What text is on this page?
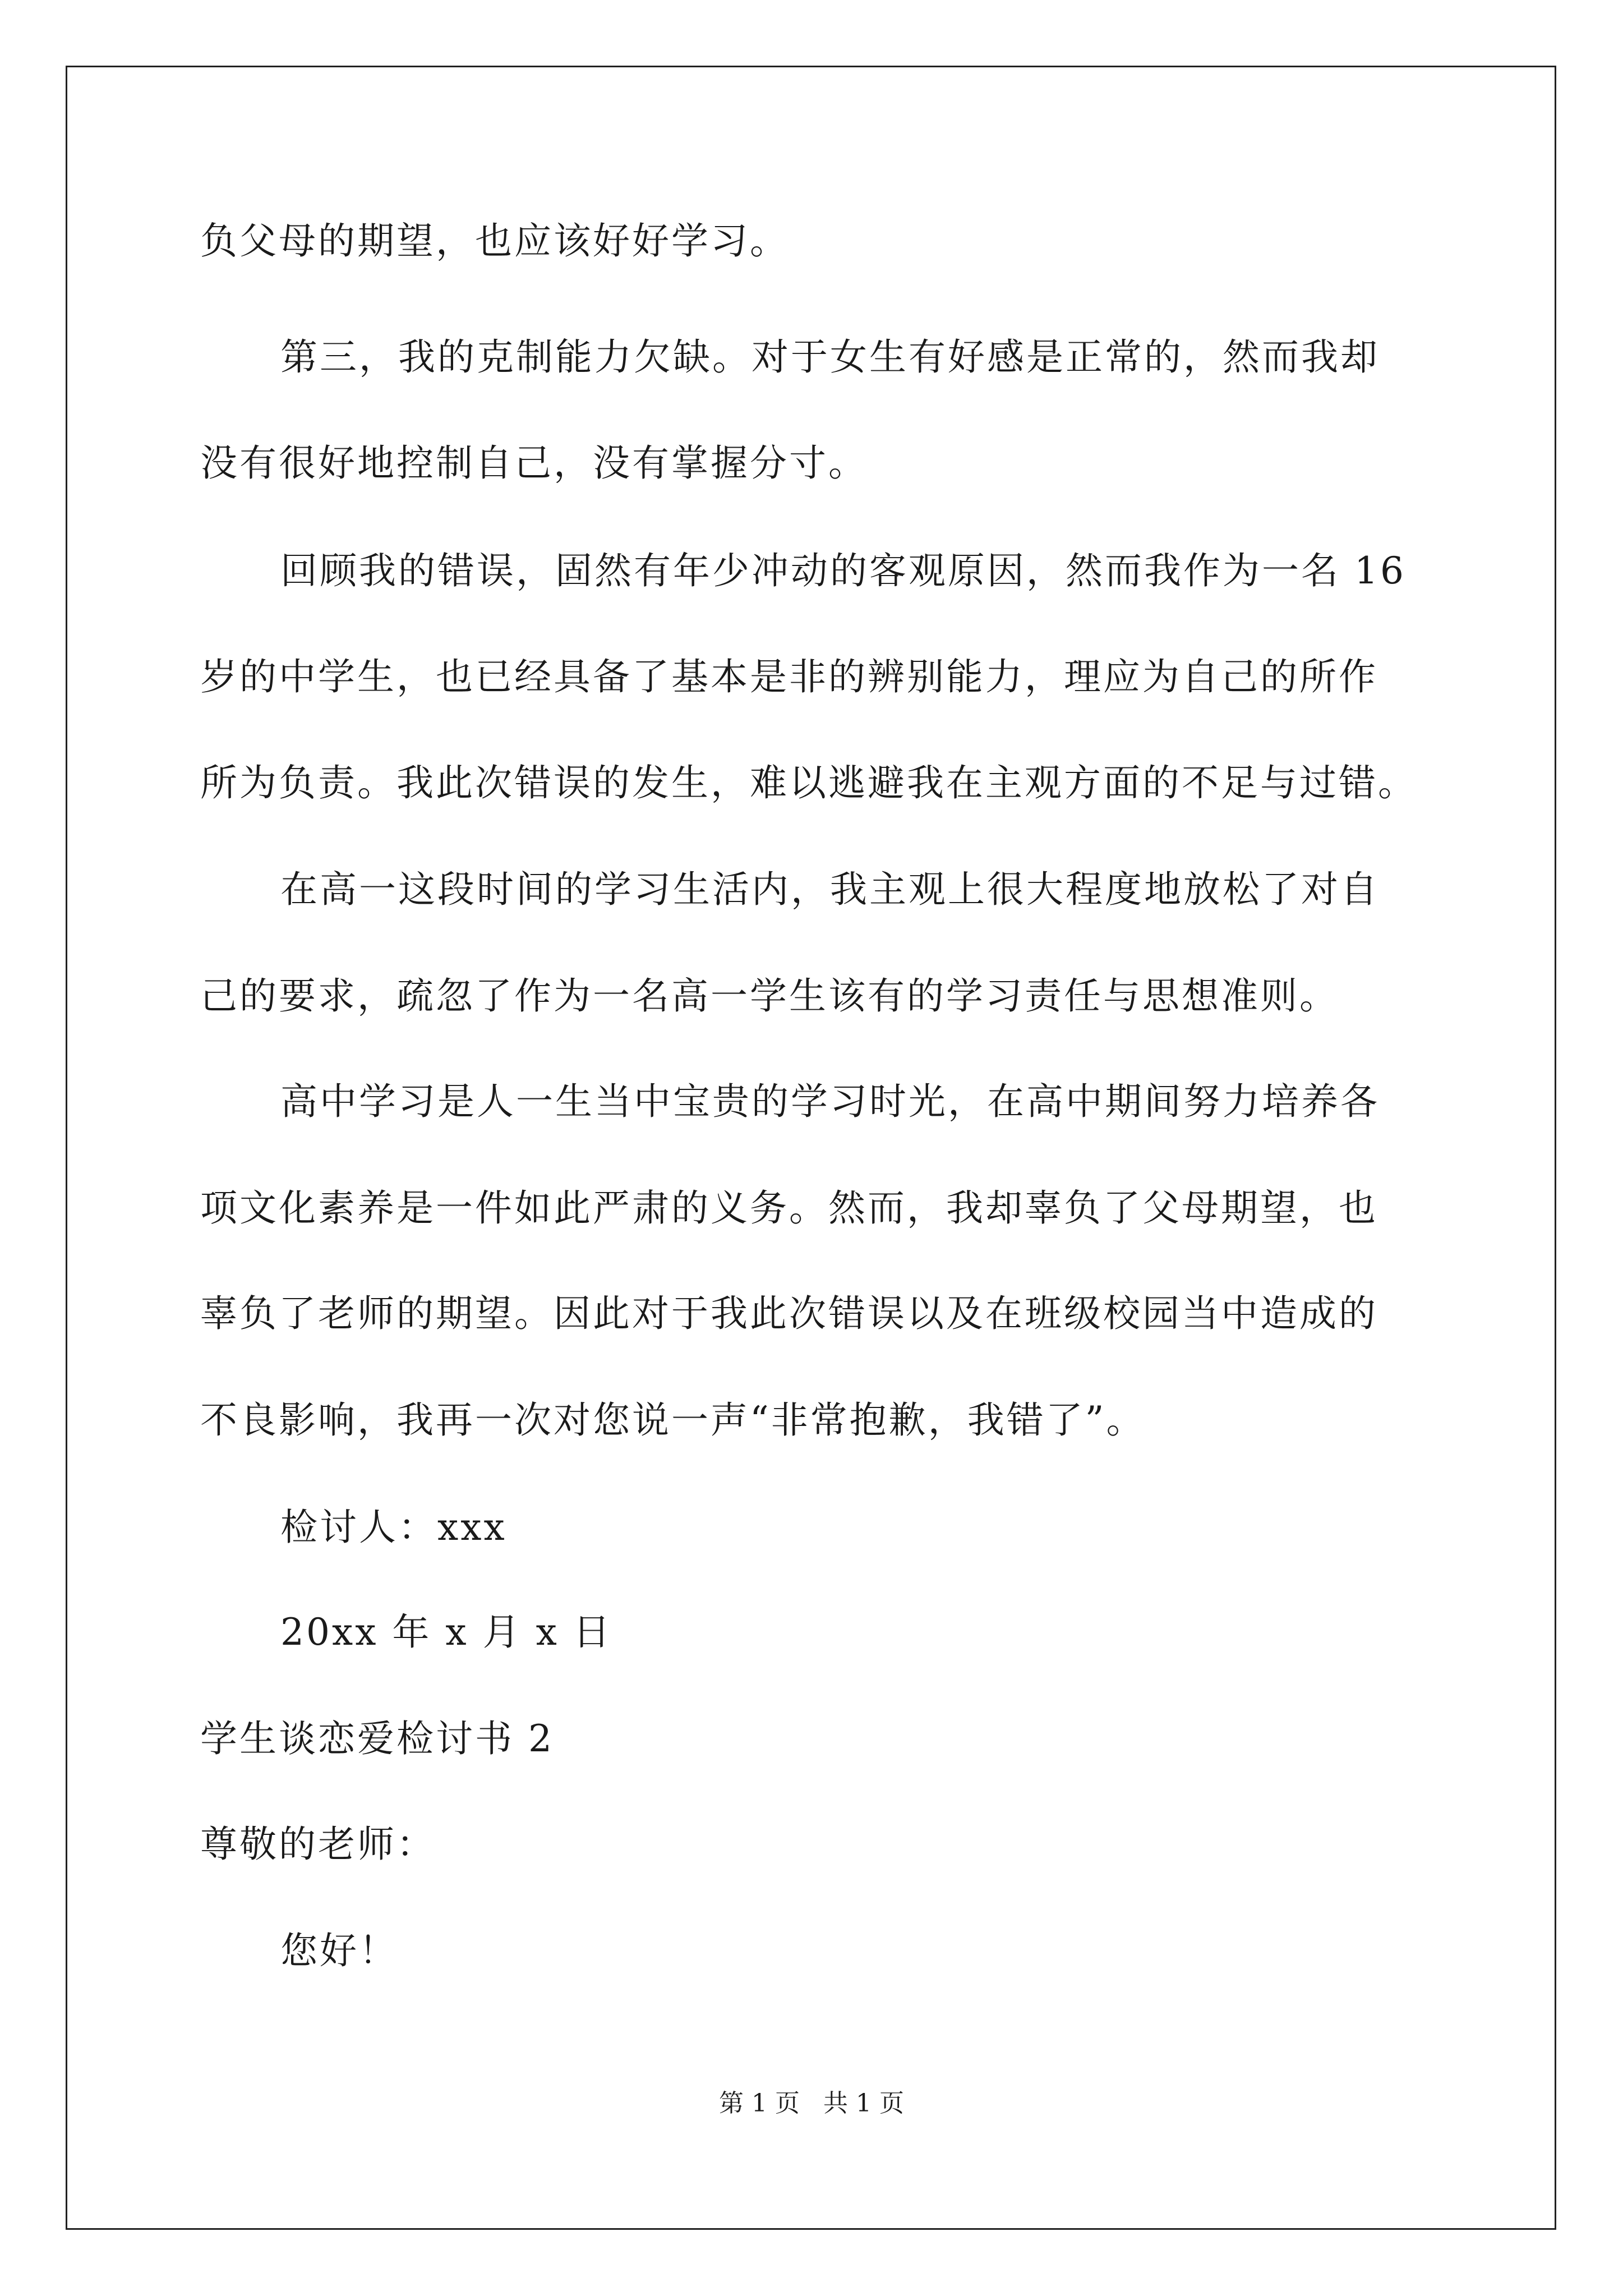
负父母的期望，也应该好好学习。
第三，我的克制能力欠缺。对于女生有好感是正常的，然而我却
没有很好地控制自己，没有掌握分寸。
回顾我的错误，固然有年少冲动的客观原因，然而我作为一名 16
岁的中学生，也已经具备了基本是非的辨别能力，理应为自己的所作
所为负责。我此次错误的发生，难以逃避我在主观方面的不足与过错。
在高一这段时间的学习生活内，我主观上很大程度地放松了对自
己的要求，疏忽了作为一名高一学生该有的学习责任与思想准则。
高中学习是人一生当中宝贵的学习时光，在高中期间努力培养各
项文化素养是一件如此严肃的义务。然而，我却辜负了父母期望，也
辜负了老师的期望。因此对于我此次错误以及在班级校园当中造成的
不良影响，我再一次对您说一声“非常抱歉，我错了”。
检讨人：xxx
20xx 年 x 月 x 日
学生谈恋爱检讨书 2
尊敬的老师：
您好！
第 1 页   共 1 页
